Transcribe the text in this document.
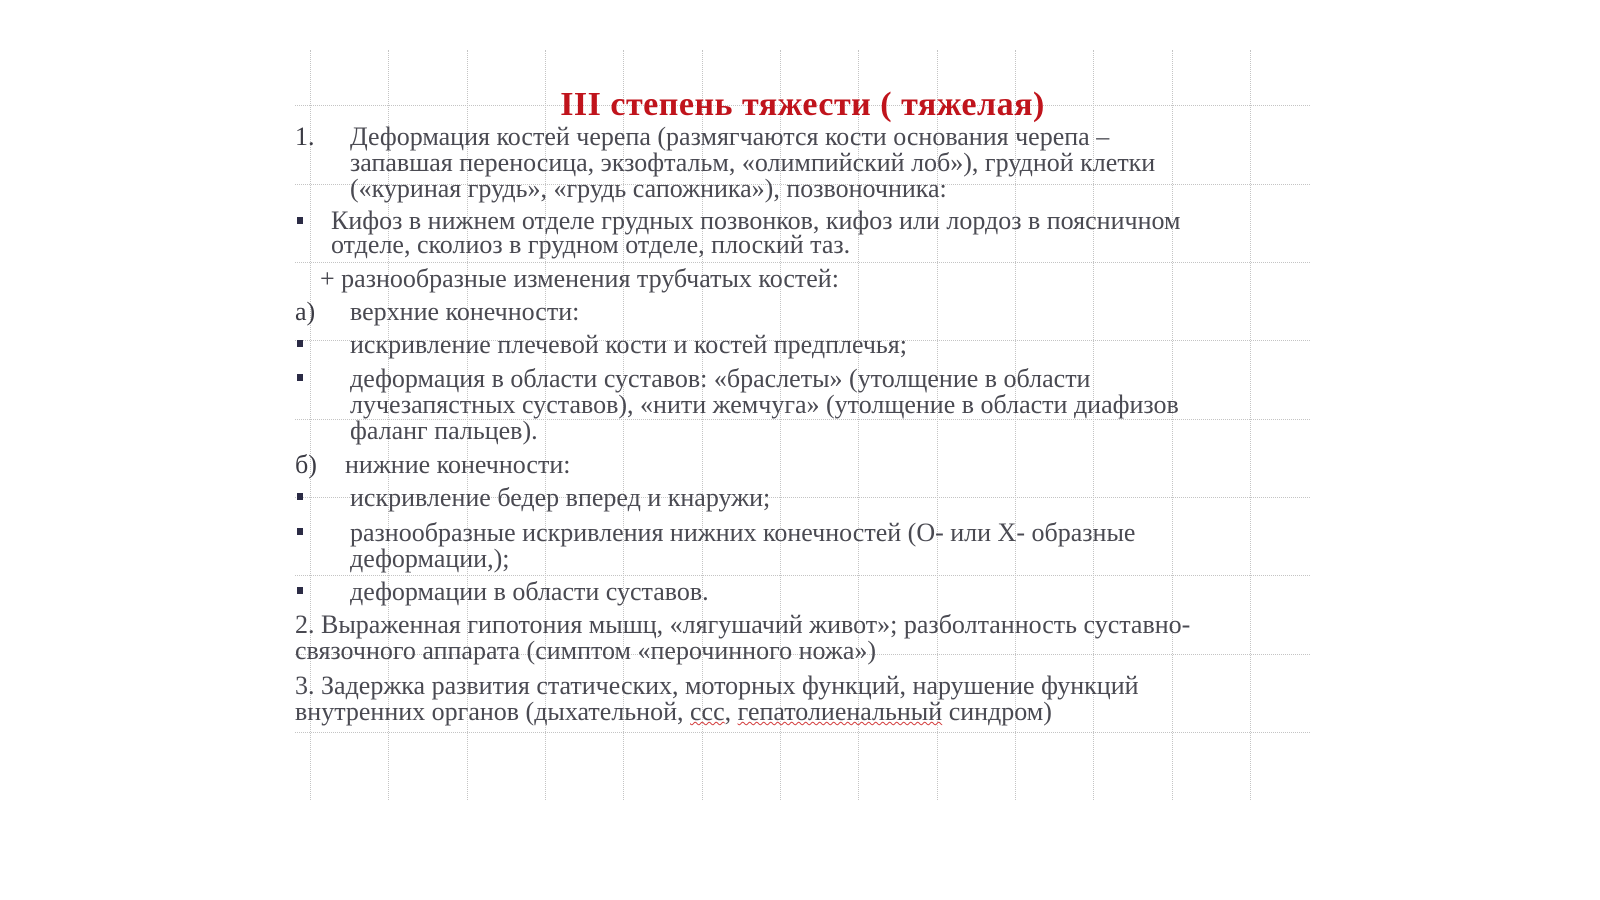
III степень тяжести ( тяжелая)
1. Деформация костей черепа (размягчаются кости основания черепа –
запавшая переносица, экзофтальм, «олимпийский лоб»), грудной клетки
(«куриная грудь», «грудь сапожника»), позвоночника:
Кифоз в нижнем отделе грудных позвонков, кифоз или лордоз в поясничном
отделе, сколиоз в грудном отделе, плоский таз.
+ разнообразные изменения трубчатых костей:
а) верхние конечности:
искривление плечевой кости и костей предплечья;
деформация в области суставов: «браслеты» (утолщение в области
лучезапястных суставов), «нити жемчуга» (утолщение в области диафизов
фаланг пальцев).
б) нижние конечности:
искривление бедер вперед и кнаружи;
разнообразные искривления нижних конечностей (О- или Х- образные
деформации,);
деформации в области суставов.
2. Выраженная гипотония мышц, «лягушачий живот»; разболтанность суставно-
связочного аппарата (симптом «перочинного ножа»)
3. Задержка развития статических, моторных функций, нарушение функций
внутренних органов (дыхательной, ссс, гепатолиенальный синдром)
